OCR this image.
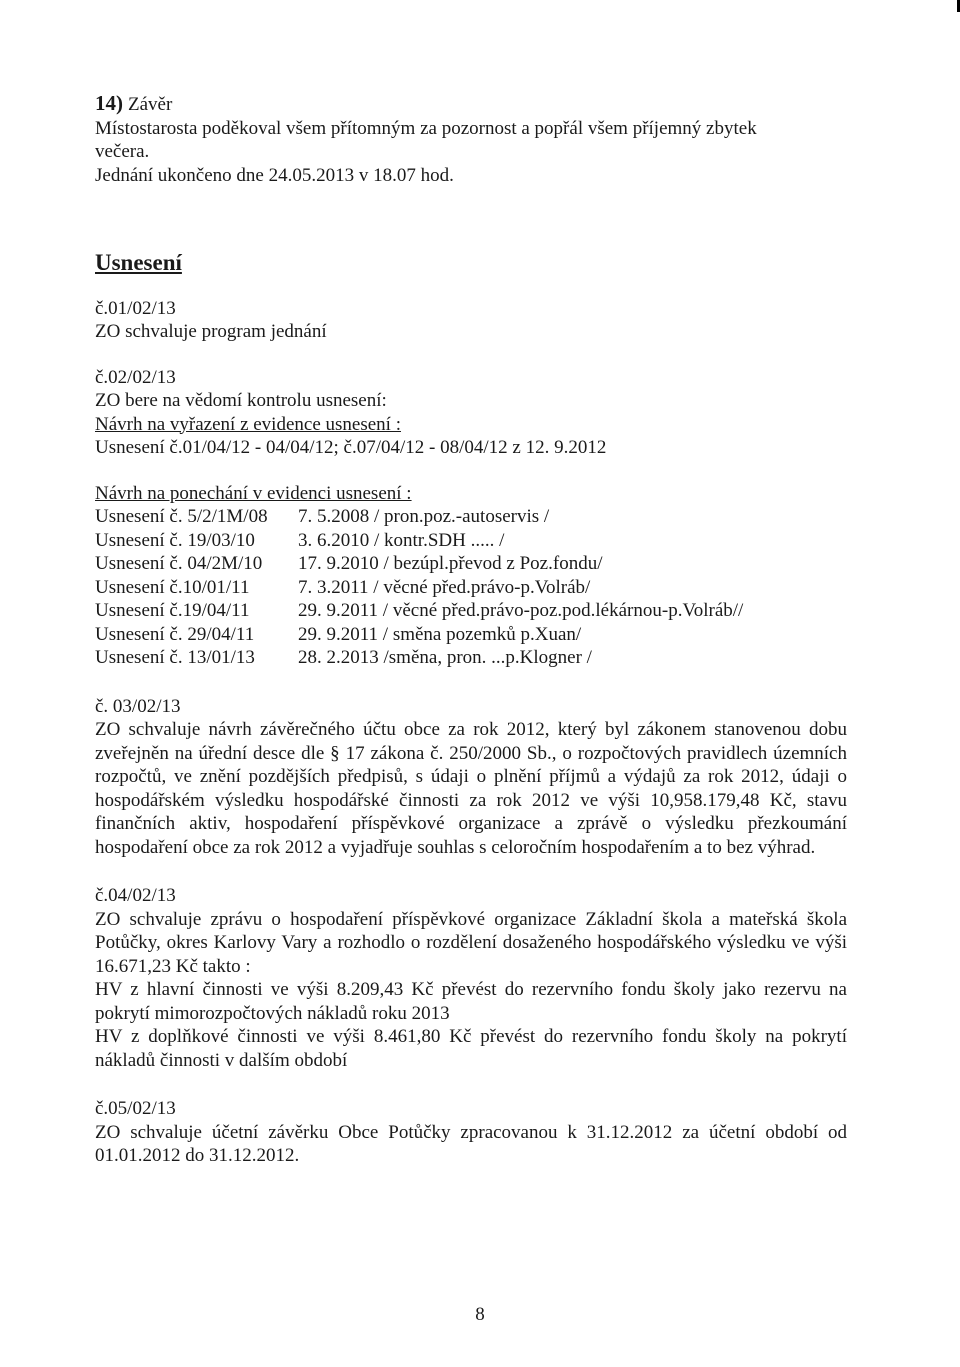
14) Závěr
Místostarosta poděkoval všem přítomným za pozornost a popřál všem příjemný zbytek večera.
Jednání ukončeno dne 24.05.2013 v 18.07 hod.
Usnesení
č.01/02/13
ZO schvaluje program jednání
č.02/02/13
ZO bere na vědomí kontrolu usnesení:
Návrh na vyřazení z evidence usnesení :
Usnesení č.01/04/12 - 04/04/12; č.07/04/12 - 08/04/12 z 12. 9.2012
Návrh na ponechání v evidenci usnesení :
Usnesení č. 5/2/1M/08	7. 5.2008 / pron.poz.-autoservis /
Usnesení č. 19/03/10	3. 6.2010 / kontr.SDH ..... /
Usnesení č. 04/2M/10	17. 9.2010 / bezúpl.převod z Poz.fondu/
Usnesení č.10/01/11	7. 3.2011 / věcné před.právo-p.Volráb/
Usnesení č.19/04/11	29. 9.2011 / věcné před.právo-poz.pod.lékárnou-p.Volráb//
Usnesení č. 29/04/11	29. 9.2011 / směna pozemků p.Xuan/
Usnesení č. 13/01/13	28. 2.2013 /směna, pron. ...p.Klogner /
č. 03/02/13
ZO schvaluje návrh závěrečného účtu obce za rok 2012, který byl zákonem stanovenou dobu zveřejněn na úřední desce dle § 17 zákona č. 250/2000 Sb., o rozpočtových pravidlech územních rozpočtů, ve znění pozdějších předpisů, s údaji o plnění příjmů a výdajů za rok 2012, údaji o hospodářském výsledku hospodářské činnosti za rok 2012 ve výši 10,958.179,48 Kč, stavu finančních aktiv, hospodaření příspěvkové organizace a zprávě o výsledku přezkoumání hospodaření obce za rok 2012 a vyjadřuje souhlas s celoročním hospodařením a to bez výhrad.
č.04/02/13
ZO schvaluje zprávu o hospodaření příspěvkové organizace Základní škola a mateřská škola Potůčky, okres Karlovy Vary a rozhodlo o rozdělení dosaženého hospodářského výsledku ve výši 16.671,23 Kč takto :
HV z hlavní činnosti ve výši 8.209,43 Kč převést do rezervního fondu školy jako rezervu na pokrytí mimorozpočtových nákladů roku 2013
HV z doplňkové činnosti ve výši 8.461,80 Kč převést do rezervního fondu školy na pokrytí nákladů činnosti v dalším období
č.05/02/13
ZO schvaluje účetní závěrku Obce Potůčky zpracovanou k 31.12.2012 za účetní období od 01.01.2012 do 31.12.2012.
8
